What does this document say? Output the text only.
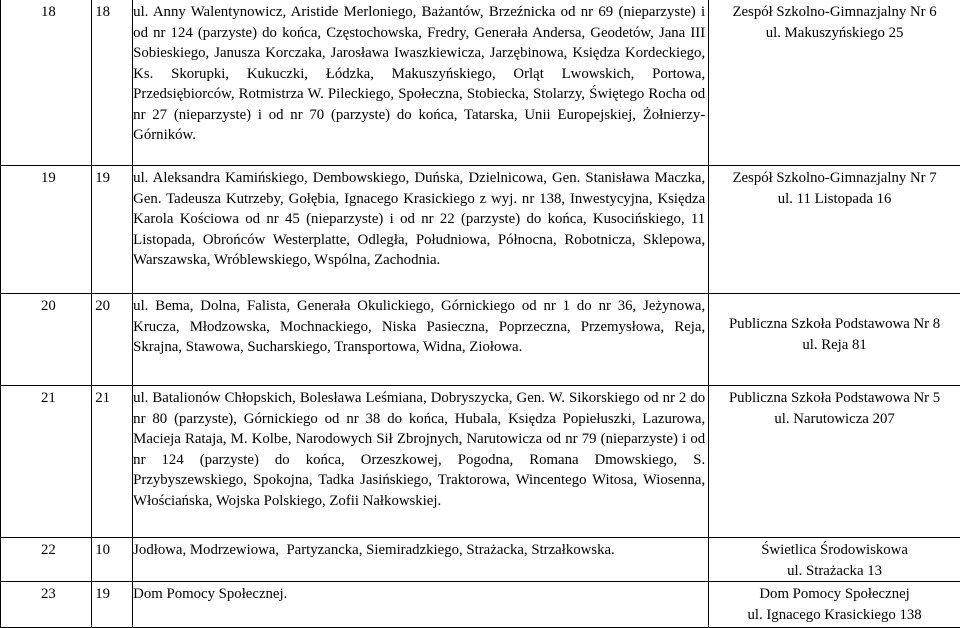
18	18	ul. Anny Walentynowicz, Aristide Merloniego, Bażantów, Brzeźnicka od nr 69 (nieparzyste) i od nr 124 (parzyste) do końca, Częstochowska, Fredry, Generała Andersa, Geodetów, Jana III Sobieskiego, Janusza Korczaka, Jarosława Iwaszkiewicza, Jarzębinowa, Księdza Kordeckiego, Ks. Skorupki, Kukuczki, Łódzka, Makuszyńskiego, Orląt Lwowskich, Portowa, Przedsiębiorców, Rotmistrza W. Pileckiego, Społeczna, Stobiecka, Stolarzy, Świętego Rocha od nr 27 (nieparzyste) i od nr 70 (parzyste) do końca, Tatarska, Unii Europejskiej, Żołnierzy-Górników.	Zespół Szkolno-Gimnazjalny Nr 6
ul. Makuszyńskiego 25

19	19	ul. Aleksandra Kamińskiego, Dembowskiego, Duńska, Dzielnicowa, Gen. Stanisława Maczka, Gen. Tadeusza Kutrzeby, Gołębia, Ignacego Krasickiego z wyj. nr 138, Inwestycyjna, Księdza Karola Kościowa od nr 45 (nieparzyste) i od nr 22 (parzyste) do końca, Kusocińskiego, 11 Listopada, Obrońców Westerplatte, Odległa, Południowa, Północna, Robotnicza, Sklepowa, Warszawska, Wróblewskiego, Wspólna, Zachodnia.	Zespół Szkolno-Gimnazjalny Nr 7
ul. 11 Listopada 16

20	20	ul. Bema, Dolna, Falista, Generała Okulickiego, Górnickiego od nr 1 do nr 36, Jeżynowa, Krucza, Młodzowska, Mochnackiego, Niska Pasieczna, Poprzeczna, Przemysłowa, Reja, Skrajna, Stawowa, Sucharskiego, Transportowa, Widna, Ziołowa.	Publiczna Szkoła Podstawowa Nr 8
ul. Reja 81

21	21	ul. Batalionów Chłopskich, Bolesława Leśmiana, Dobryszycka, Gen. W. Sikorskiego od nr 2 do nr 80 (parzyste), Górnickiego od nr 38 do końca, Hubala, Księdza Popiełuszki, Lazurowa, Macieja Rataja, M. Kolbe, Narodowych Sił Zbrojnych, Narutowicza od nr 79 (nieparzyste) i od nr 124 (parzyste) do końca, Orzeszkowej, Pogodna, Romana Dmowskiego, S. Przybyszewskiego, Spokojna, Tadka Jasińskiego, Traktorowa, Wincentego Witosa, Wiosenna, Włościańska, Wojska Polskiego, Zofii Nałkowskiej.	Publiczna Szkoła Podstawowa Nr 5
ul. Narutowicza 207

22	10	Jodłowa, Modrzewiowa,  Partyzancka, Siemiradzkiego, Strażacka, Strzałkowska.	Świetlica Środowiskowa
ul. Strażacka 13

23	19	Dom Pomocy Społecznej.	Dom Pomocy Społecznej
ul. Ignacego Krasickiego 138
